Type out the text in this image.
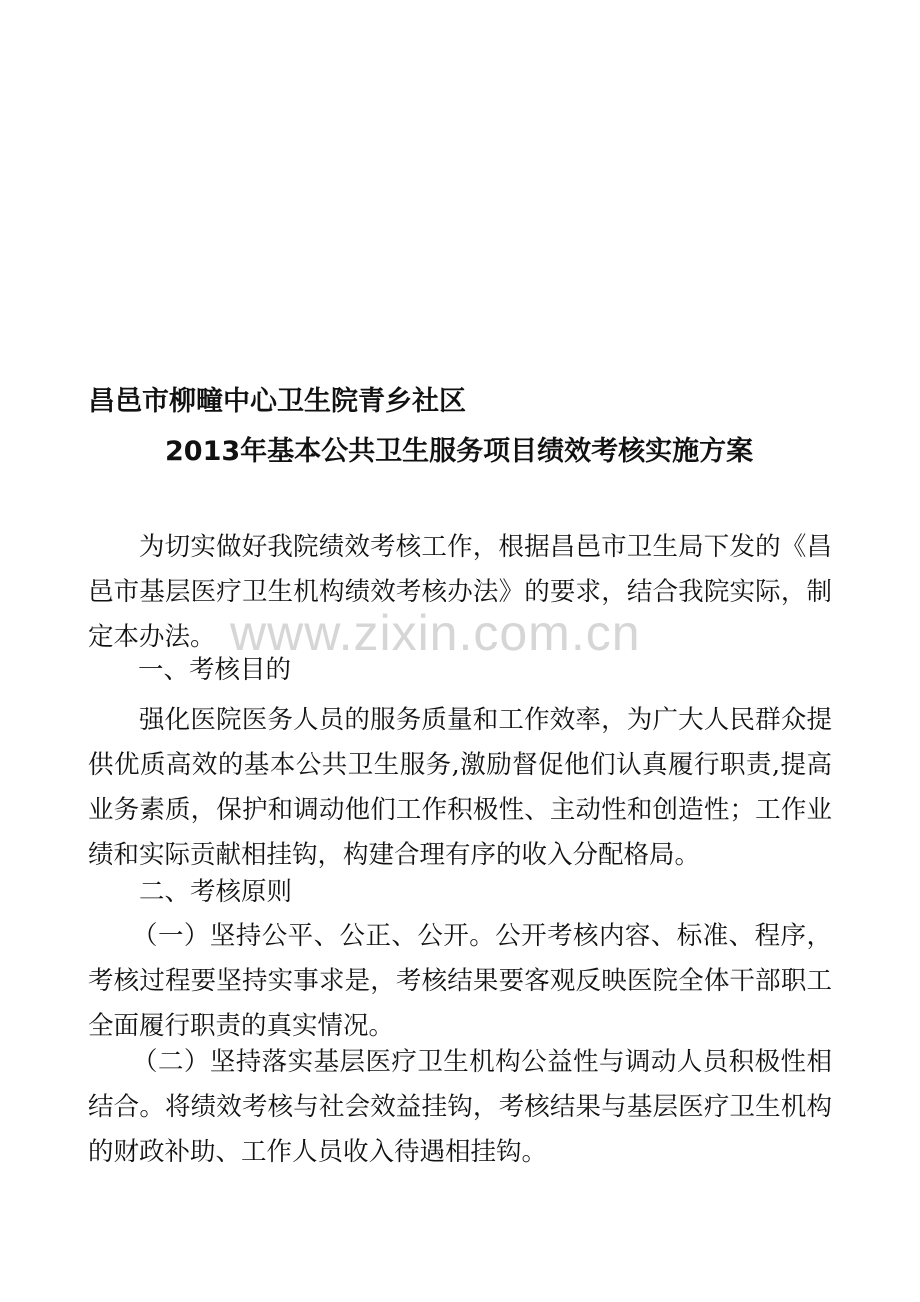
昌邑市柳疃中心卫生院青乡社区
2013年基本公共卫生服务项目绩效考核实施方案

为切实做好我院绩效考核工作，根据昌邑市卫生局下发的《昌邑市基层医疗卫生机构绩效考核办法》的要求，结合我院实际，制定本办法。

一、考核目的

强化医院医务人员的服务质量和工作效率，为广大人民群众提供优质高效的基本公共卫生服务,激励督促他们认真履行职责,提高业务素质，保护和调动他们工作积极性、主动性和创造性；工作业绩和实际贡献相挂钩，构建合理有序的收入分配格局。

二、考核原则

（一）坚持公平、公正、公开。公开考核内容、标准、程序，考核过程要坚持实事求是，考核结果要客观反映医院全体干部职工全面履行职责的真实情况。

（二）坚持落实基层医疗卫生机构公益性与调动人员积极性相结合。将绩效考核与社会效益挂钩，考核结果与基层医疗卫生机构的财政补助、工作人员收入待遇相挂钩。

www.zixin.com.cn
